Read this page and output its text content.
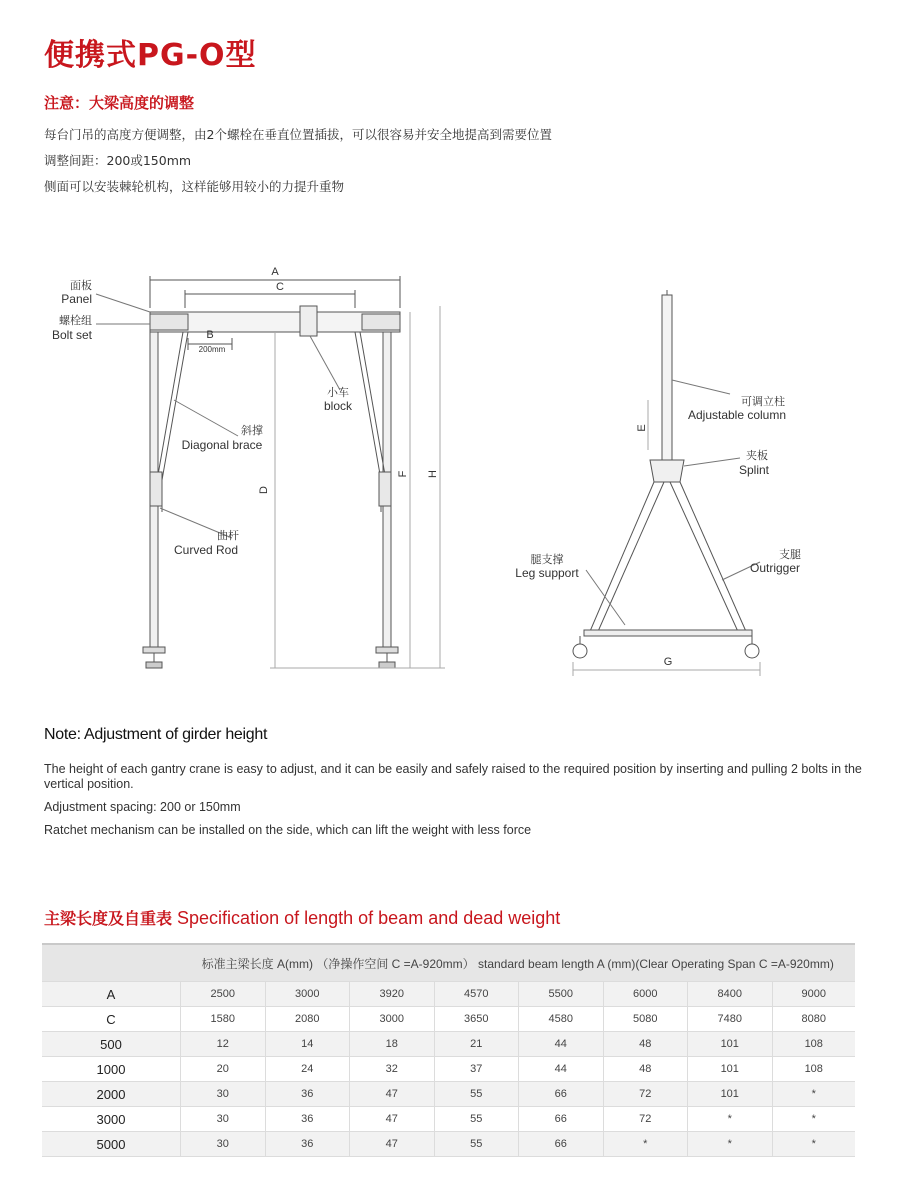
便携式PG-O型
注意：大梁高度的调整
每台门吊的高度方便调整，由2个螺栓在垂直位置插拔，可以很容易并安全地提高到需要位置
调整间距：200或150mm
侧面可以安装棘轮机构，这样能够用较小的力提升重物
A
C
B
200mm
D
F H
面板
Panel
螺栓组
Bolt set
小车
block
斜撑
Diagonal brace
曲杆
Curved Rod
E
G
可调立柱
Adjustable column
夹板
Splint
腿支撑
Leg support
支腿
Outrigger
Note: Adjustment of girder height
The height of each gantry crane is easy to adjust, and it can be easily and safely raised to the required position by inserting and pulling 2 bolts in the vertical position.
Adjustment spacing: 200 or 150mm
Ratchet mechanism can be installed on the side, which can lift the weight with less force
主梁长度及自重表 Specification of length of beam and dead weight
	标准主梁长度 A(mm) （净操作空间 C =A-920mm） standard beam length A (mm)(Clear Operating Span C =A-920mm)							
A	2500	3000	3920	4570	5500	6000	8400	9000
C	1580	2080	3000	3650	4580	5080	7480	8080
500	12	14	18	21	44	48	101	108
1000	20	24	32	37	44	48	101	108
2000	30	36	47	55	66	72	101	*
3000	30	36	47	55	66	72	*	*
5000	30	36	47	55	66	*	*	*
